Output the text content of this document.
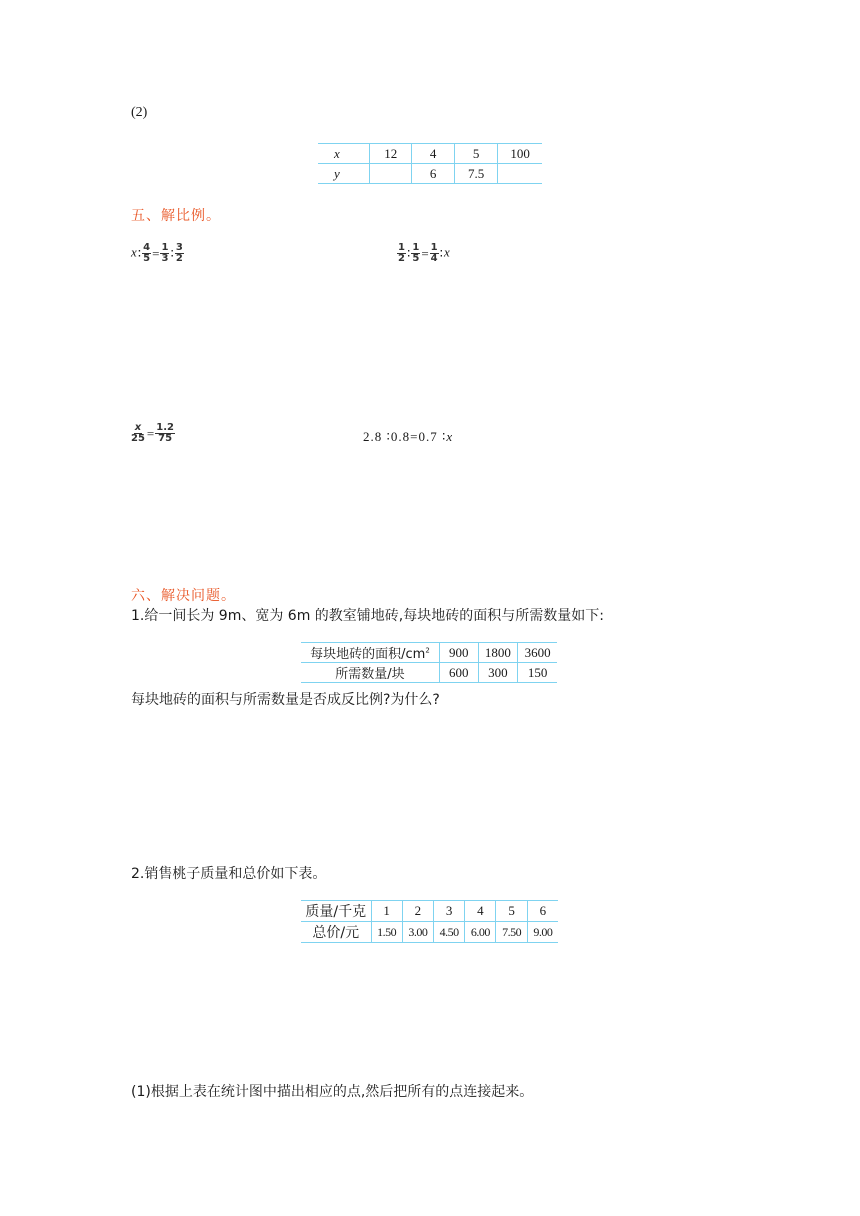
(2)
x	12	4	5	100
y		6	7.5	
五、解比例。
x∶ $\frac{4}{5} = \frac{1}{3}$ ∶ $\frac{3}{2}$	$\frac{1}{2}$ ∶ $\frac{1}{5} = \frac{1}{4}$ ∶x
$\frac{x}{25} = \frac{1.2}{75}$	2.8 ∶0.8=0.7 ∶x
六、解决问题。
1.给一间长为 9m、宽为 6m 的教室铺地砖,每块地砖的面积与所需数量如下:
每块地砖的面积$/cm^2$	900	1800	3600
所需数量/块	600	300	150
每块地砖的面积与所需数量是否成反比例?为什么?
2.销售桃子质量和总价如下表。
质量/千克	1	2	3	4	5	6
总价/元	1.50	3.00	4.50	6.00	7.50	9.00
(1)根据上表在统计图中描出相应的点,然后把所有的点连接起来。
